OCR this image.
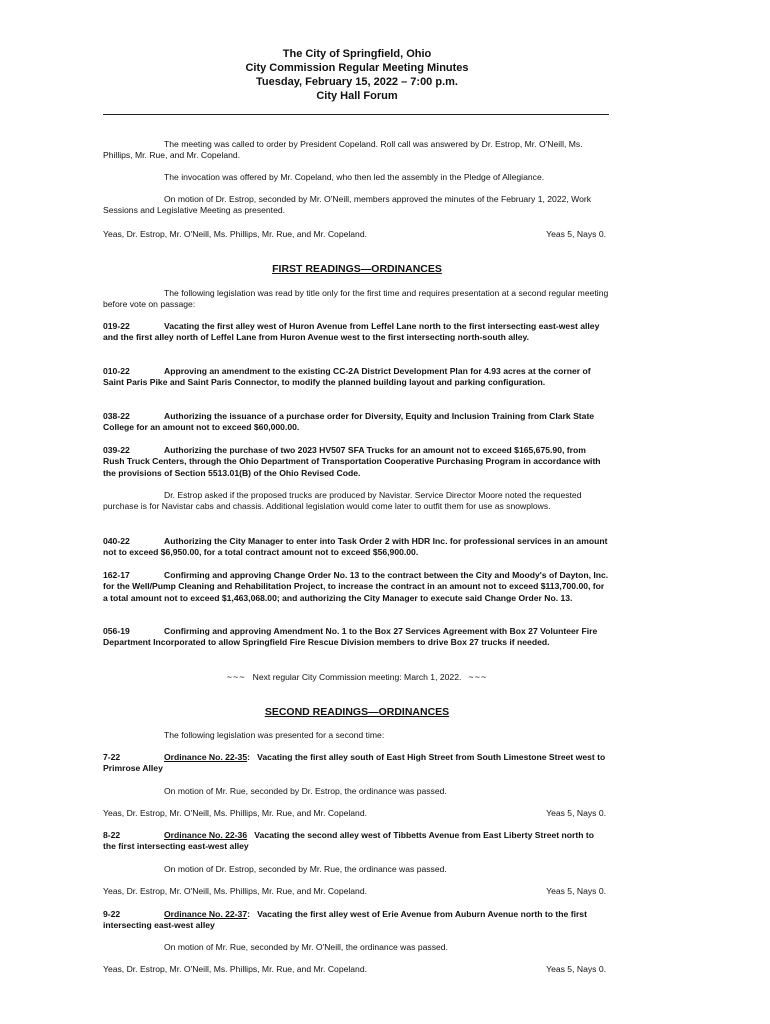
The City of Springfield, Ohio
City Commission Regular Meeting Minutes
Tuesday, February 15, 2022 – 7:00 p.m.
City Hall Forum
The meeting was called to order by President Copeland. Roll call was answered by Dr. Estrop, Mr. O'Neill, Ms. Phillips, Mr. Rue, and Mr. Copeland.
The invocation was offered by Mr. Copeland, who then led the assembly in the Pledge of Allegiance.
On motion of Dr. Estrop, seconded by Mr. O'Neill, members approved the minutes of the February 1, 2022, Work Sessions and Legislative Meeting as presented.
Yeas, Dr. Estrop, Mr. O'Neill, Ms. Phillips, Mr. Rue, and Mr. Copeland.	Yeas 5, Nays 0.
FIRST READINGS—ORDINANCES
The following legislation was read by title only for the first time and requires presentation at a second regular meeting before vote on passage:
019-22	Vacating the first alley west of Huron Avenue from Leffel Lane north to the first intersecting east-west alley and the first alley north of Leffel Lane from Huron Avenue west to the first intersecting north-south alley.
010-22	Approving an amendment to the existing CC-2A District Development Plan for 4.93 acres at the corner of Saint Paris Pike and Saint Paris Connector, to modify the planned building layout and parking configuration.
038-22	Authorizing the issuance of a purchase order for Diversity, Equity and Inclusion Training from Clark State College for an amount not to exceed $60,000.00.
039-22	Authorizing the purchase of two 2023 HV507 SFA Trucks for an amount not to exceed $165,675.90, from Rush Truck Centers, through the Ohio Department of Transportation Cooperative Purchasing Program in accordance with the provisions of Section 5513.01(B) of the Ohio Revised Code.
Dr. Estrop asked if the proposed trucks are produced by Navistar. Service Director Moore noted the requested purchase is for Navistar cabs and chassis. Additional legislation would come later to outfit them for use as snowplows.
040-22	Authorizing the City Manager to enter into Task Order 2 with HDR Inc. for professional services in an amount not to exceed $6,950.00, for a total contract amount not to exceed $56,900.00.
162-17	Confirming and approving Change Order No. 13 to the contract between the City and Moody's of Dayton, Inc. for the Well/Pump Cleaning and Rehabilitation Project, to increase the contract in an amount not to exceed $113,700.00, for a total amount not to exceed $1,463,068.00; and authorizing the City Manager to execute said Change Order No. 13.
056-19	Confirming and approving Amendment No. 1 to the Box 27 Services Agreement with Box 27 Volunteer Fire Department Incorporated to allow Springfield Fire Rescue Division members to drive Box 27 trucks if needed.
~~~ Next regular City Commission meeting: March 1, 2022. ~~~
SECOND READINGS—ORDINANCES
The following legislation was presented for a second time:
7-22	Ordinance No. 22-35:   Vacating the first alley south of East High Street from South Limestone Street west to Primrose Alley
On motion of Mr. Rue, seconded by Dr. Estrop, the ordinance was passed.
Yeas, Dr. Estrop, Mr. O'Neill, Ms. Phillips, Mr. Rue, and Mr. Copeland.	Yeas 5, Nays 0.
8-22	Ordinance No. 22-36 Vacating the second alley west of Tibbetts Avenue from East Liberty Street north to the first intersecting east-west alley
On motion of Dr. Estrop, seconded by Mr. Rue, the ordinance was passed.
Yeas, Dr. Estrop, Mr. O'Neill, Ms. Phillips, Mr. Rue, and Mr. Copeland.	Yeas 5, Nays 0.
9-22	Ordinance No. 22-37:   Vacating the first alley west of Erie Avenue from Auburn Avenue north to the first intersecting east-west alley
On motion of Mr. Rue, seconded by Mr. O'Neill, the ordinance was passed.
Yeas, Dr. Estrop, Mr. O'Neill, Ms. Phillips, Mr. Rue, and Mr. Copeland.	Yeas 5, Nays 0.
